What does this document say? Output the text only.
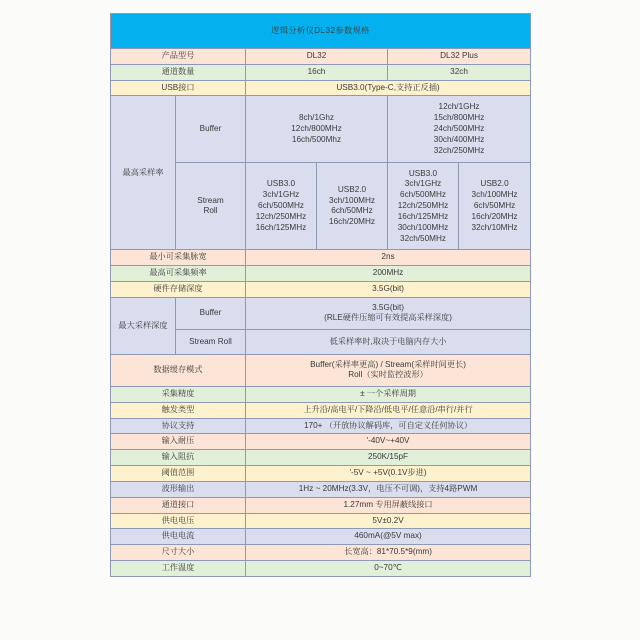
逻辑分析仪DL32参数规格					
产品型号		DL32		DL32 Plus	
通道数量		16ch		32ch	
USB接口		USB3.0(Type-C,支持正反插)			
最高采样率	Buffer	8ch/1Ghz
12ch/800MHz
16ch/500Mhz		12ch/1GHz
15ch/800MHz
24ch/500MHz
30ch/400MHz
32ch/250MHz	
Stream
Roll	USB3.0
3ch/1GHz
6ch/500MHz
12ch/250MHz
16ch/125MHz	USB2.0
3ch/100MHz
6ch/50MHz
16ch/20MHz	USB3.0
3ch/1GHz
6ch/500MHz
12ch/250MHz
16ch/125MHz
30ch/100MHz
32ch/50MHz	USB2.0
3ch/100MHz
6ch/50MHz
16ch/20MHz
32ch/10MHz
最小可采集脉宽		2ns			
最高可采集频率		200MHz			
硬件存储深度		3.5G(bit)			
最大采样深度	Buffer	3.5G(bit)
(RLE硬件压缩可有效提高采样深度)			
	Stream Roll	低采样率时,取决于电脑内存大小			
数据缓存模式		Buffer(采样率更高) / Stream(采样时间更长)
Roll（实时监控波形）			
采集精度		± 一个采样周期			
触发类型		上升沿/高电平/下降沿/低电平/任意沿/串行/并行			
协议支持		170+ （开放协议解码库，可自定义任何协议）			
输入耐压		'-40V~+40V			
输入阻抗		250K/15pF			
阈值范围		'-5V ~ +5V(0.1V步进)			
波形输出		1Hz ~ 20MHz(3.3V，电压不可调)，支持4路PWM			
通道接口		1.27mm 专用屏蔽线接口			
供电电压		5V±0.2V			
供电电流		460mA(@5V max)			
尺寸大小		长宽高：81*70.5*9(mm)			
工作温度		0~70℃			
